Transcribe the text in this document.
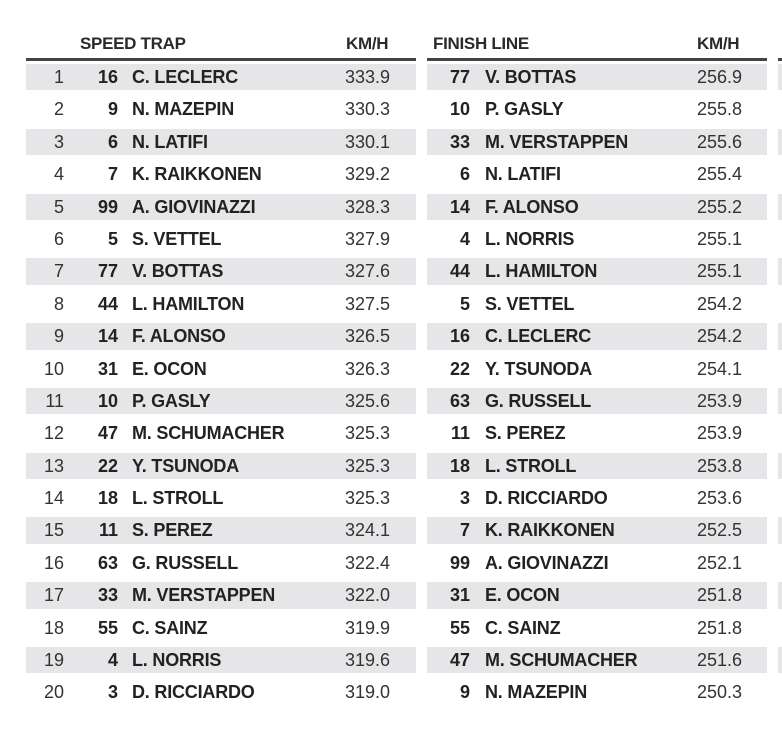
SPEED TRAP	KM/H
1	16 C. LECLERC	333.9
2	9 N. MAZEPIN	330.3
3	6 N. LATIFI	330.1
4	7 K. RAIKKONEN	329.2
5	99 A. GIOVINAZZI	328.3
6	5 S. VETTEL	327.9
7	77 V. BOTTAS	327.6
8	44 L. HAMILTON	327.5
9	14 F. ALONSO	326.5
10	31 E. OCON	326.3
11	10 P. GASLY	325.6
12	47 M. SCHUMACHER	325.3
13	22 Y. TSUNODA	325.3
14	18 L. STROLL	325.3
15	11 S. PEREZ	324.1
16	63 G. RUSSELL	322.4
17	33 M. VERSTAPPEN	322.0
18	55 C. SAINZ	319.9
19	4 L. NORRIS	319.6
20	3 D. RICCIARDO	319.0
FINISH LINE	KM/H
77 V. BOTTAS	256.9
10 P. GASLY	255.8
33 M. VERSTAPPEN	255.6
6 N. LATIFI	255.4
14 F. ALONSO	255.2
4 L. NORRIS	255.1
44 L. HAMILTON	255.1
5 S. VETTEL	254.2
16 C. LECLERC	254.2
22 Y. TSUNODA	254.1
63 G. RUSSELL	253.9
11 S. PEREZ	253.9
18 L. STROLL	253.8
3 D. RICCIARDO	253.6
7 K. RAIKKONEN	252.5
99 A. GIOVINAZZI	252.1
31 E. OCON	251.8
55 C. SAINZ	251.8
47 M. SCHUMACHER	251.6
9 N. MAZEPIN	250.3
